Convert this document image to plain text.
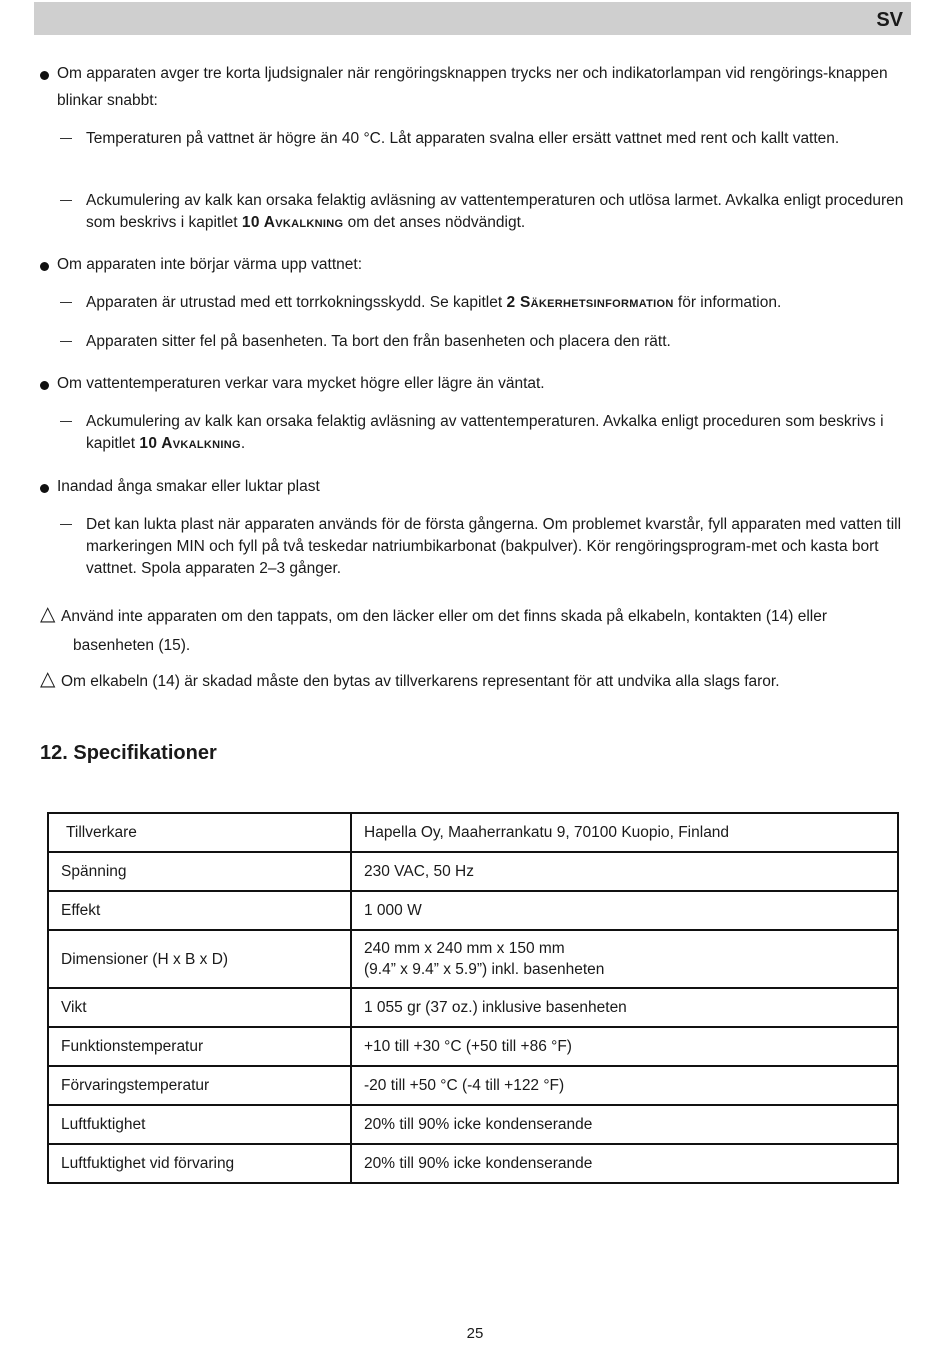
SV
Om apparaten avger tre korta ljudsignaler när rengöringsknappen trycks ner och indikatorlampan vid rengörings-knappen blinkar snabbt:
Temperaturen på vattnet är högre än 40 °C. Låt apparaten svalna eller ersätt vattnet med rent och kallt vatten.
Ackumulering av kalk kan orsaka felaktig avläsning av vattentemperaturen och utlösa larmet. Avkalka enligt proceduren som beskrivs i kapitlet 10 Avkalkning om det anses nödvändigt.
Om apparaten inte börjar värma upp vattnet:
Apparaten är utrustad med ett torrkokningsskydd. Se kapitlet 2 Säkerhetsinformation för information.
Apparaten sitter fel på basenheten. Ta bort den från basenheten och placera den rätt.
Om vattentemperaturen verkar vara mycket högre eller lägre än väntat.
Ackumulering av kalk kan orsaka felaktig avläsning av vattentemperaturen. Avkalka enligt proceduren som beskrivs i kapitlet 10 Avkalkning.
Inandad ånga smakar eller luktar plast
Det kan lukta plast när apparaten används för de första gångerna. Om problemet kvarstår, fyll apparaten med vatten till markeringen MIN och fyll på två teskedar natriumbikarbonat (bakpulver). Kör rengöringsprogram-met och kasta bort vattnet. Spola apparaten 2–3 gånger.
△ Använd inte apparaten om den tappats, om den läcker eller om det finns skada på elkabeln, kontakten (14) eller
basenheten (15).
△ Om elkabeln (14) är skadad måste den bytas av tillverkarens representant för att undvika alla slags faror.
12. Specifikationer
Tillverkare	Hapella Oy, Maaherrankatu 9, 70100 Kuopio, Finland
Spänning	230 VAC, 50 Hz
Effekt	1 000 W
Dimensioner (H x B x D)	240 mm x 240 mm x 150 mm
(9.4” x 9.4” x 5.9”) inkl. basenheten

Vikt	1 055 gr (37 oz.) inklusive basenheten
Funktionstemperatur	+10 till +30 °C (+50 till +86 °F)
Förvaringstemperatur	-20 till +50 °C (-4 till +122 °F)
Luftfuktighet	20% till 90% icke kondenserande
Luftfuktighet vid förvaring	20% till 90% icke kondenserande
25
